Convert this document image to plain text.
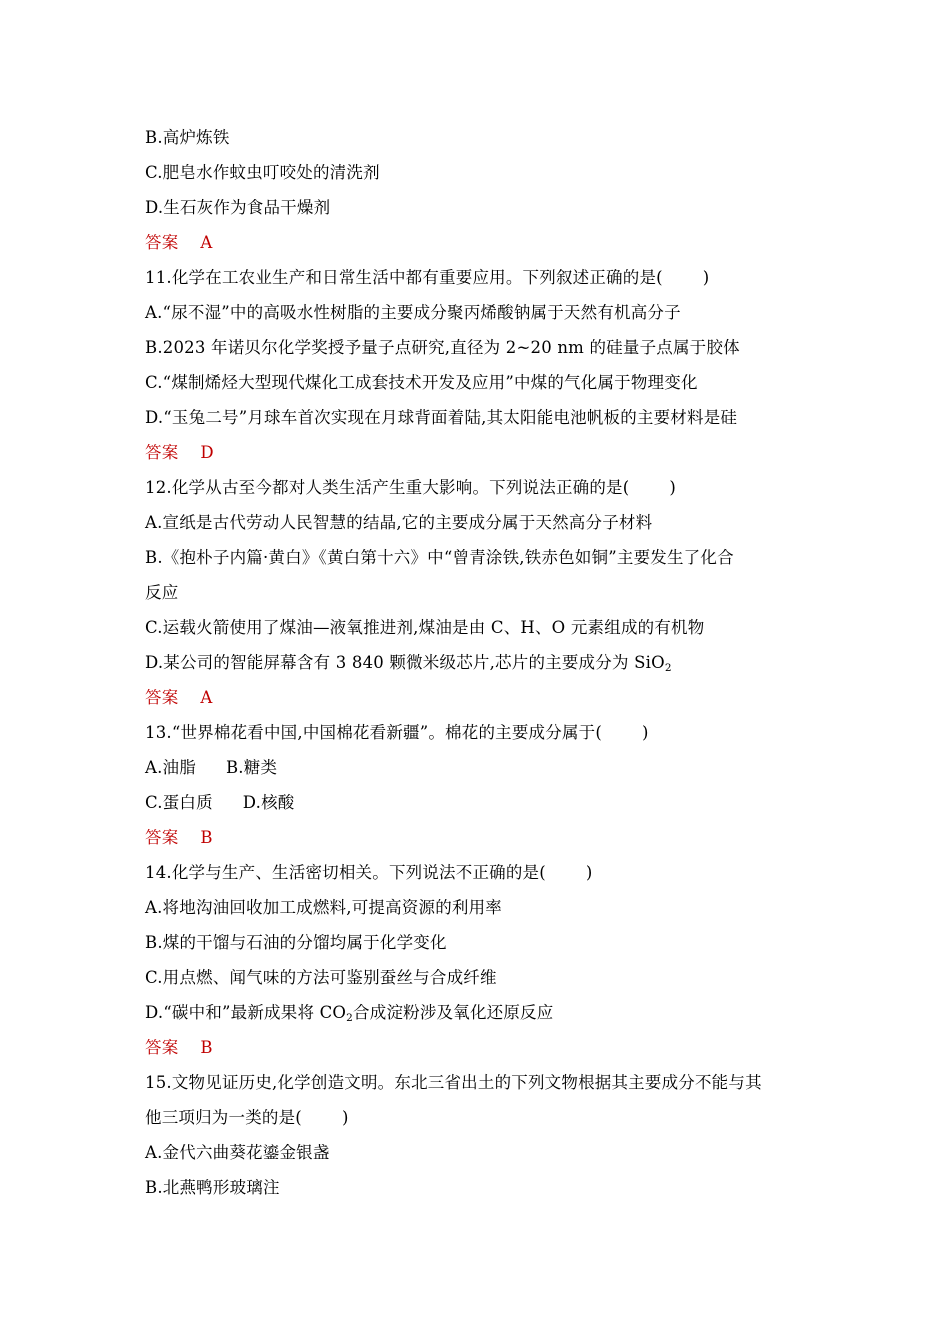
B.高炉炼铁
C.肥皂水作蚊虫叮咬处的清洗剂
D.生石灰作为食品干燥剂
答案 A
11.化学在工农业生产和日常生活中都有重要应用。下列叙述正确的是( )
A.“尿不湿”中的高吸水性树脂的主要成分聚丙烯酸钠属于天然有机高分子
B.2023 年诺贝尔化学奖授予量子点研究,直径为 2~20 nm 的硅量子点属于胶体
C.“煤制烯烃大型现代煤化工成套技术开发及应用”中煤的气化属于物理变化
D.“玉兔二号”月球车首次实现在月球背面着陆,其太阳能电池帆板的主要材料是硅
答案 D
12.化学从古至今都对人类生活产生重大影响。下列说法正确的是( )
A.宣纸是古代劳动人民智慧的结晶,它的主要成分属于天然高分子材料
B.《抱朴子内篇·黄白》《黄白第十六》中“曾青涂铁,铁赤色如铜”主要发生了化合
反应
C.运载火箭使用了煤油—液氧推进剂,煤油是由 C、H、O 元素组成的有机物
D.某公司的智能屏幕含有 3 840 颗微米级芯片,芯片的主要成分为 SiO$_2$
答案 A
13.“世界棉花看中国,中国棉花看新疆”。棉花的主要成分属于( )
A.油脂 B.糖类
C.蛋白质 D.核酸
答案 B
14.化学与生产、生活密切相关。下列说法不正确的是( )
A.将地沟油回收加工成燃料,可提高资源的利用率
B.煤的干馏与石油的分馏均属于化学变化
C.用点燃、闻气味的方法可鉴别蚕丝与合成纤维
D.“碳中和”最新成果将 $CO_2$合成淀粉涉及氧化还原反应
答案 B
15.文物见证历史,化学创造文明。东北三省出土的下列文物根据其主要成分不能与其
他三项归为一类的是( )
A.金代六曲葵花鎏金银盏
B.北燕鸭形玻璃注
